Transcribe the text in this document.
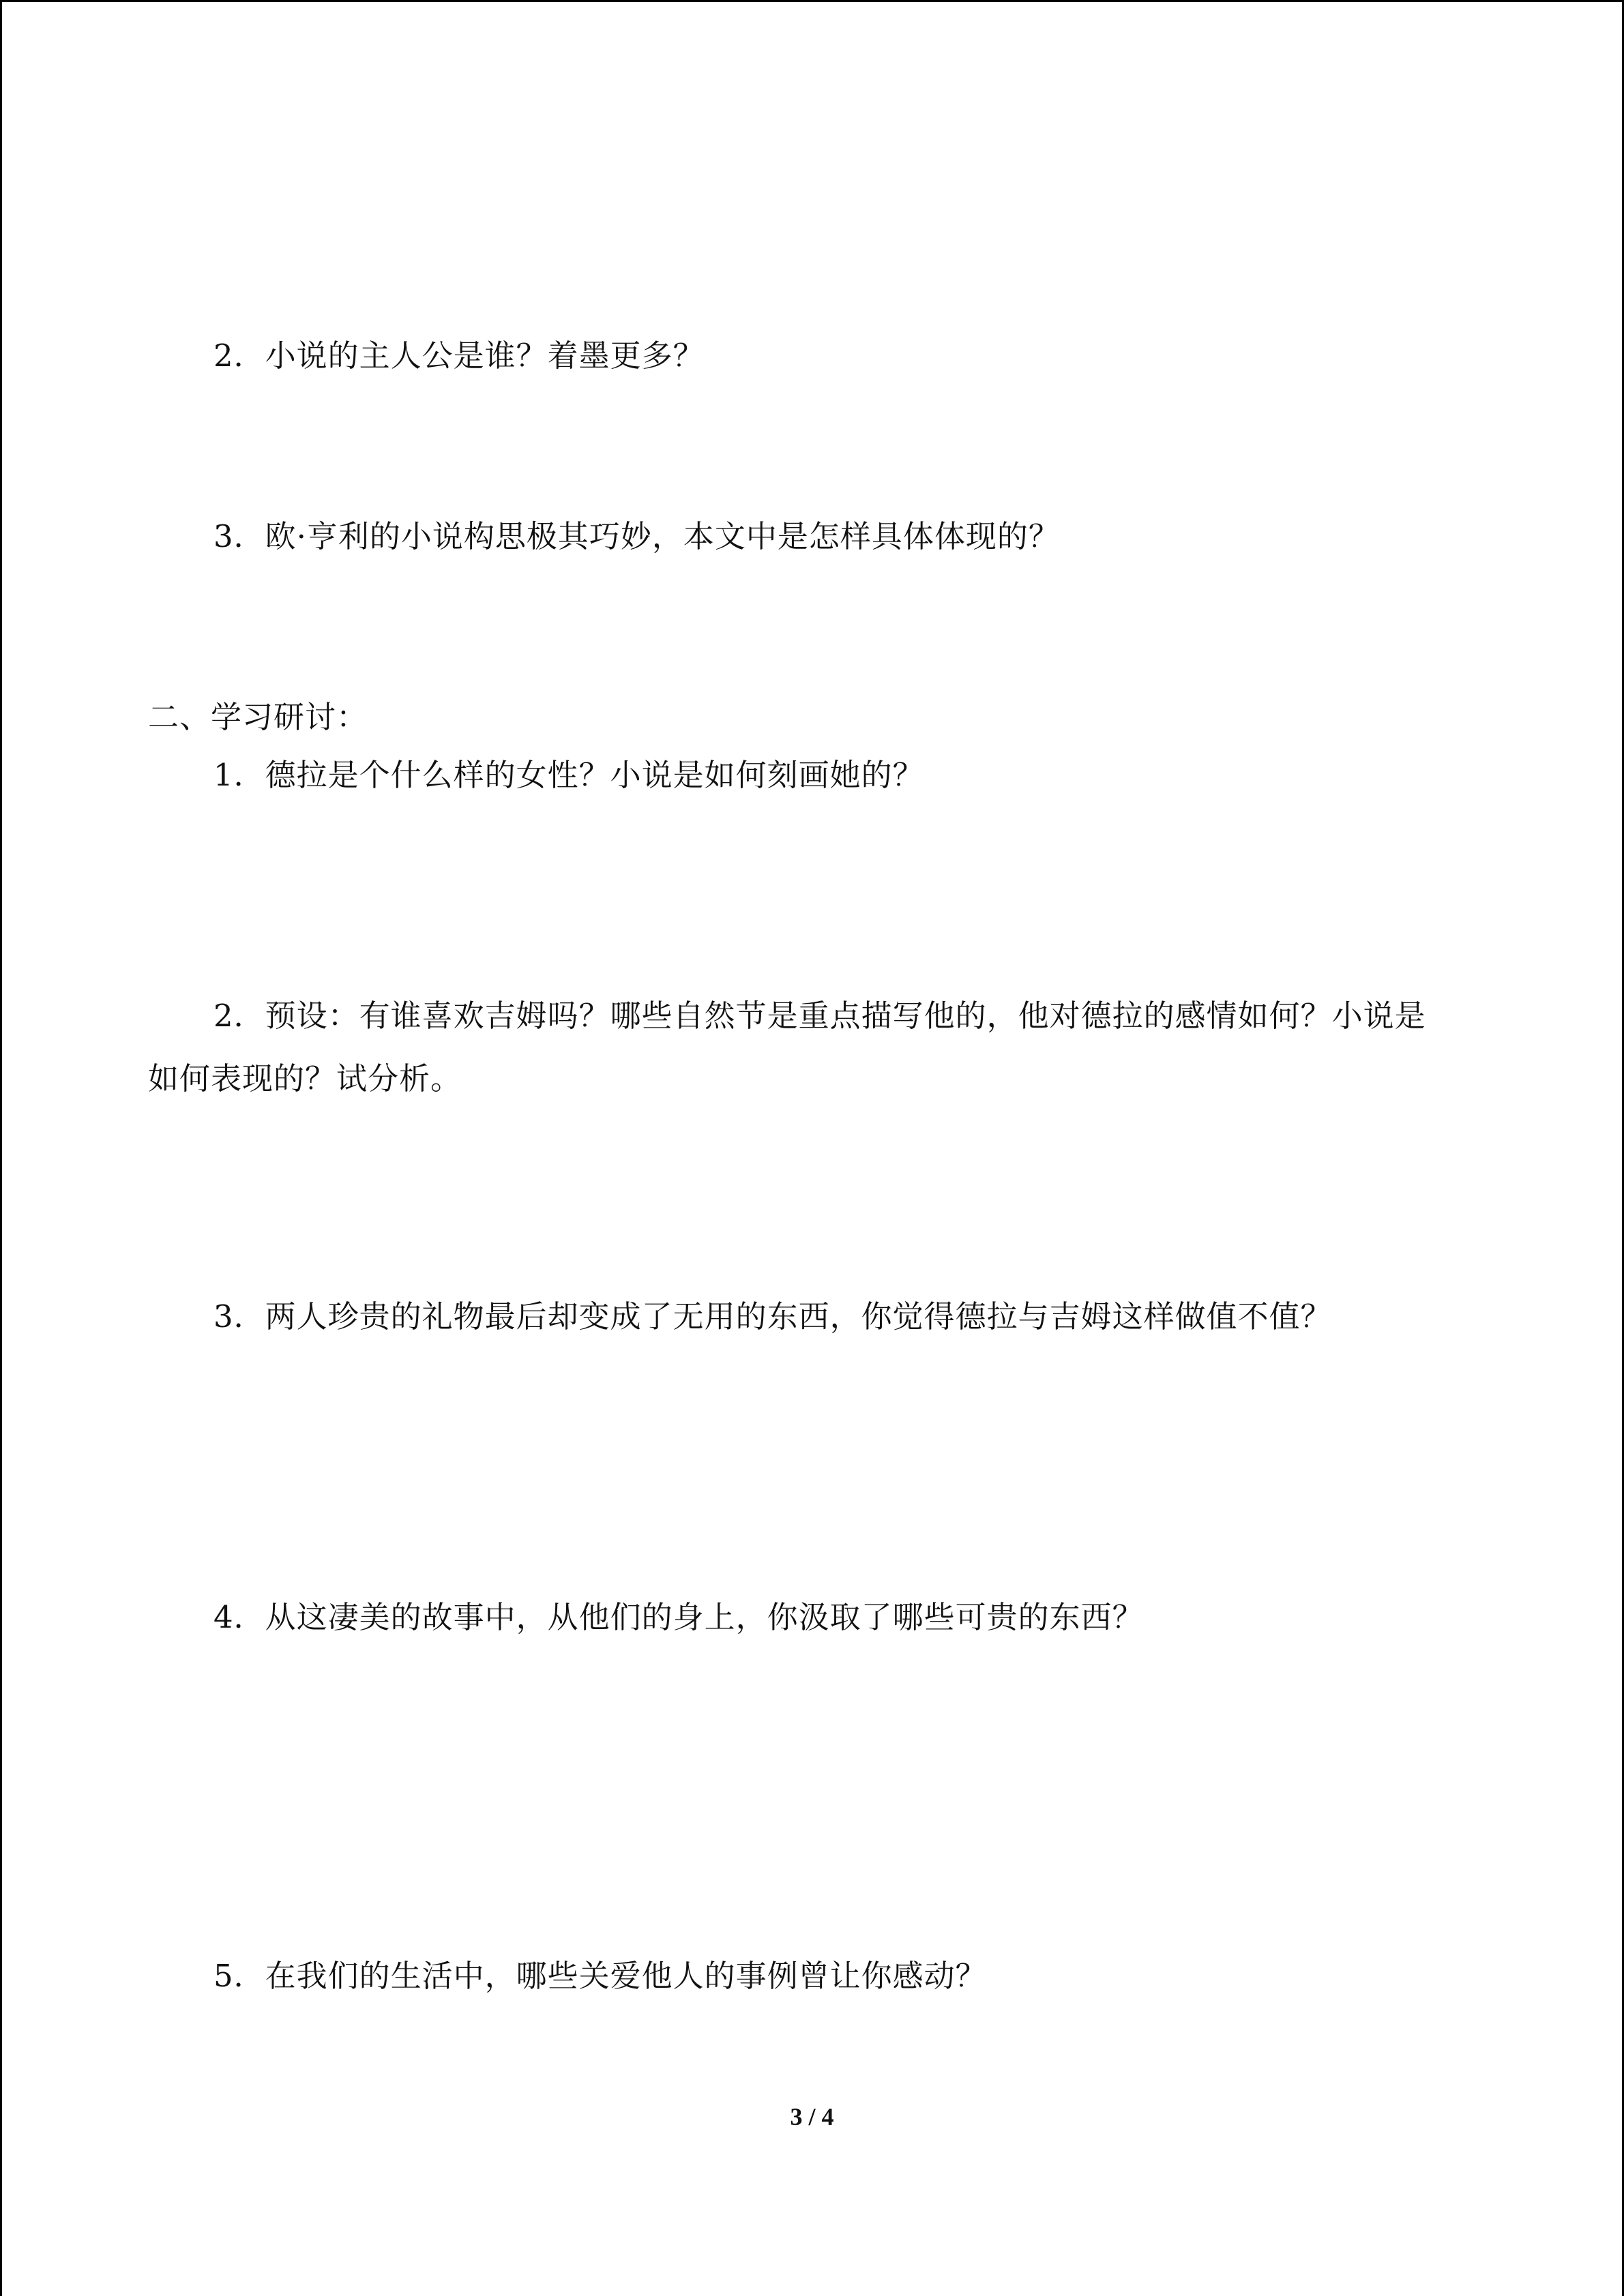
2．小说的主人公是谁？着墨更多？
3．欧·亨利的小说构思极其巧妙，本文中是怎样具体体现的？
二、学习研讨：
1．德拉是个什么样的女性？小说是如何刻画她的？
2．预设：有谁喜欢吉姆吗？哪些自然节是重点描写他的，他对德拉的感情如何？小说是
如何表现的？试分析。
3．两人珍贵的礼物最后却变成了无用的东西，你觉得德拉与吉姆这样做值不值？
4．从这凄美的故事中，从他们的身上，你汲取了哪些可贵的东西？
5．在我们的生活中，哪些关爱他人的事例曾让你感动？
3 / 4
